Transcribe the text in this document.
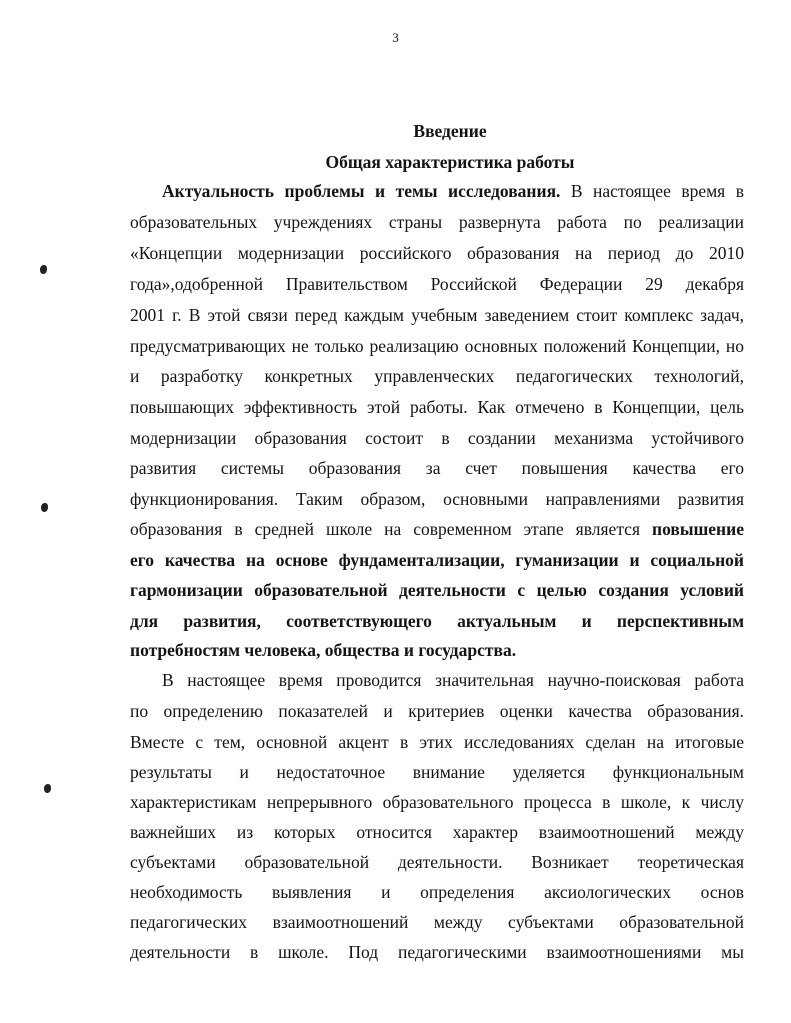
3
Введение
Общая характеристика работы
Актуальность проблемы и темы исследования. В настоящее время в
образовательных учреждениях страны развернута работа по реализации
«Концепции модернизации российского образования на период до 2010
года»,одобренной Правительством Российской Федерации 29 декабря
2001 г. В этой связи перед каждым учебным заведением стоит комплекс задач,
предусматривающих не только реализацию основных положений Концепции, но
и разработку конкретных управленческих педагогических технологий,
повышающих эффективность этой работы. Как отмечено в Концепции, цель
модернизации образования состоит в создании механизма устойчивого
развития системы образования за счет повышения качества его
функционирования. Таким образом, основными направлениями развития
образования в средней школе на современном этапе является повышение
его качества на основе фундаментализации, гуманизации и социальной
гармонизации образовательной деятельности с целью создания условий
для развития, соответствующего актуальным и перспективным
потребностям человека, общества и государства.
В настоящее время проводится значительная научно-поисковая работа
по определению показателей и критериев оценки качества образования.
Вместе с тем, основной акцент в этих исследованиях сделан на итоговые
результаты и недостаточное внимание уделяется функциональным
характеристикам непрерывного образовательного процесса в школе, к числу
важнейших из которых относится характер взаимоотношений между
субъектами образовательной деятельности. Возникает теоретическая
необходимость выявления и определения аксиологических основ
педагогических взаимоотношений между субъектами образовательной
деятельности в школе. Под педагогическими взаимоотношениями мы
